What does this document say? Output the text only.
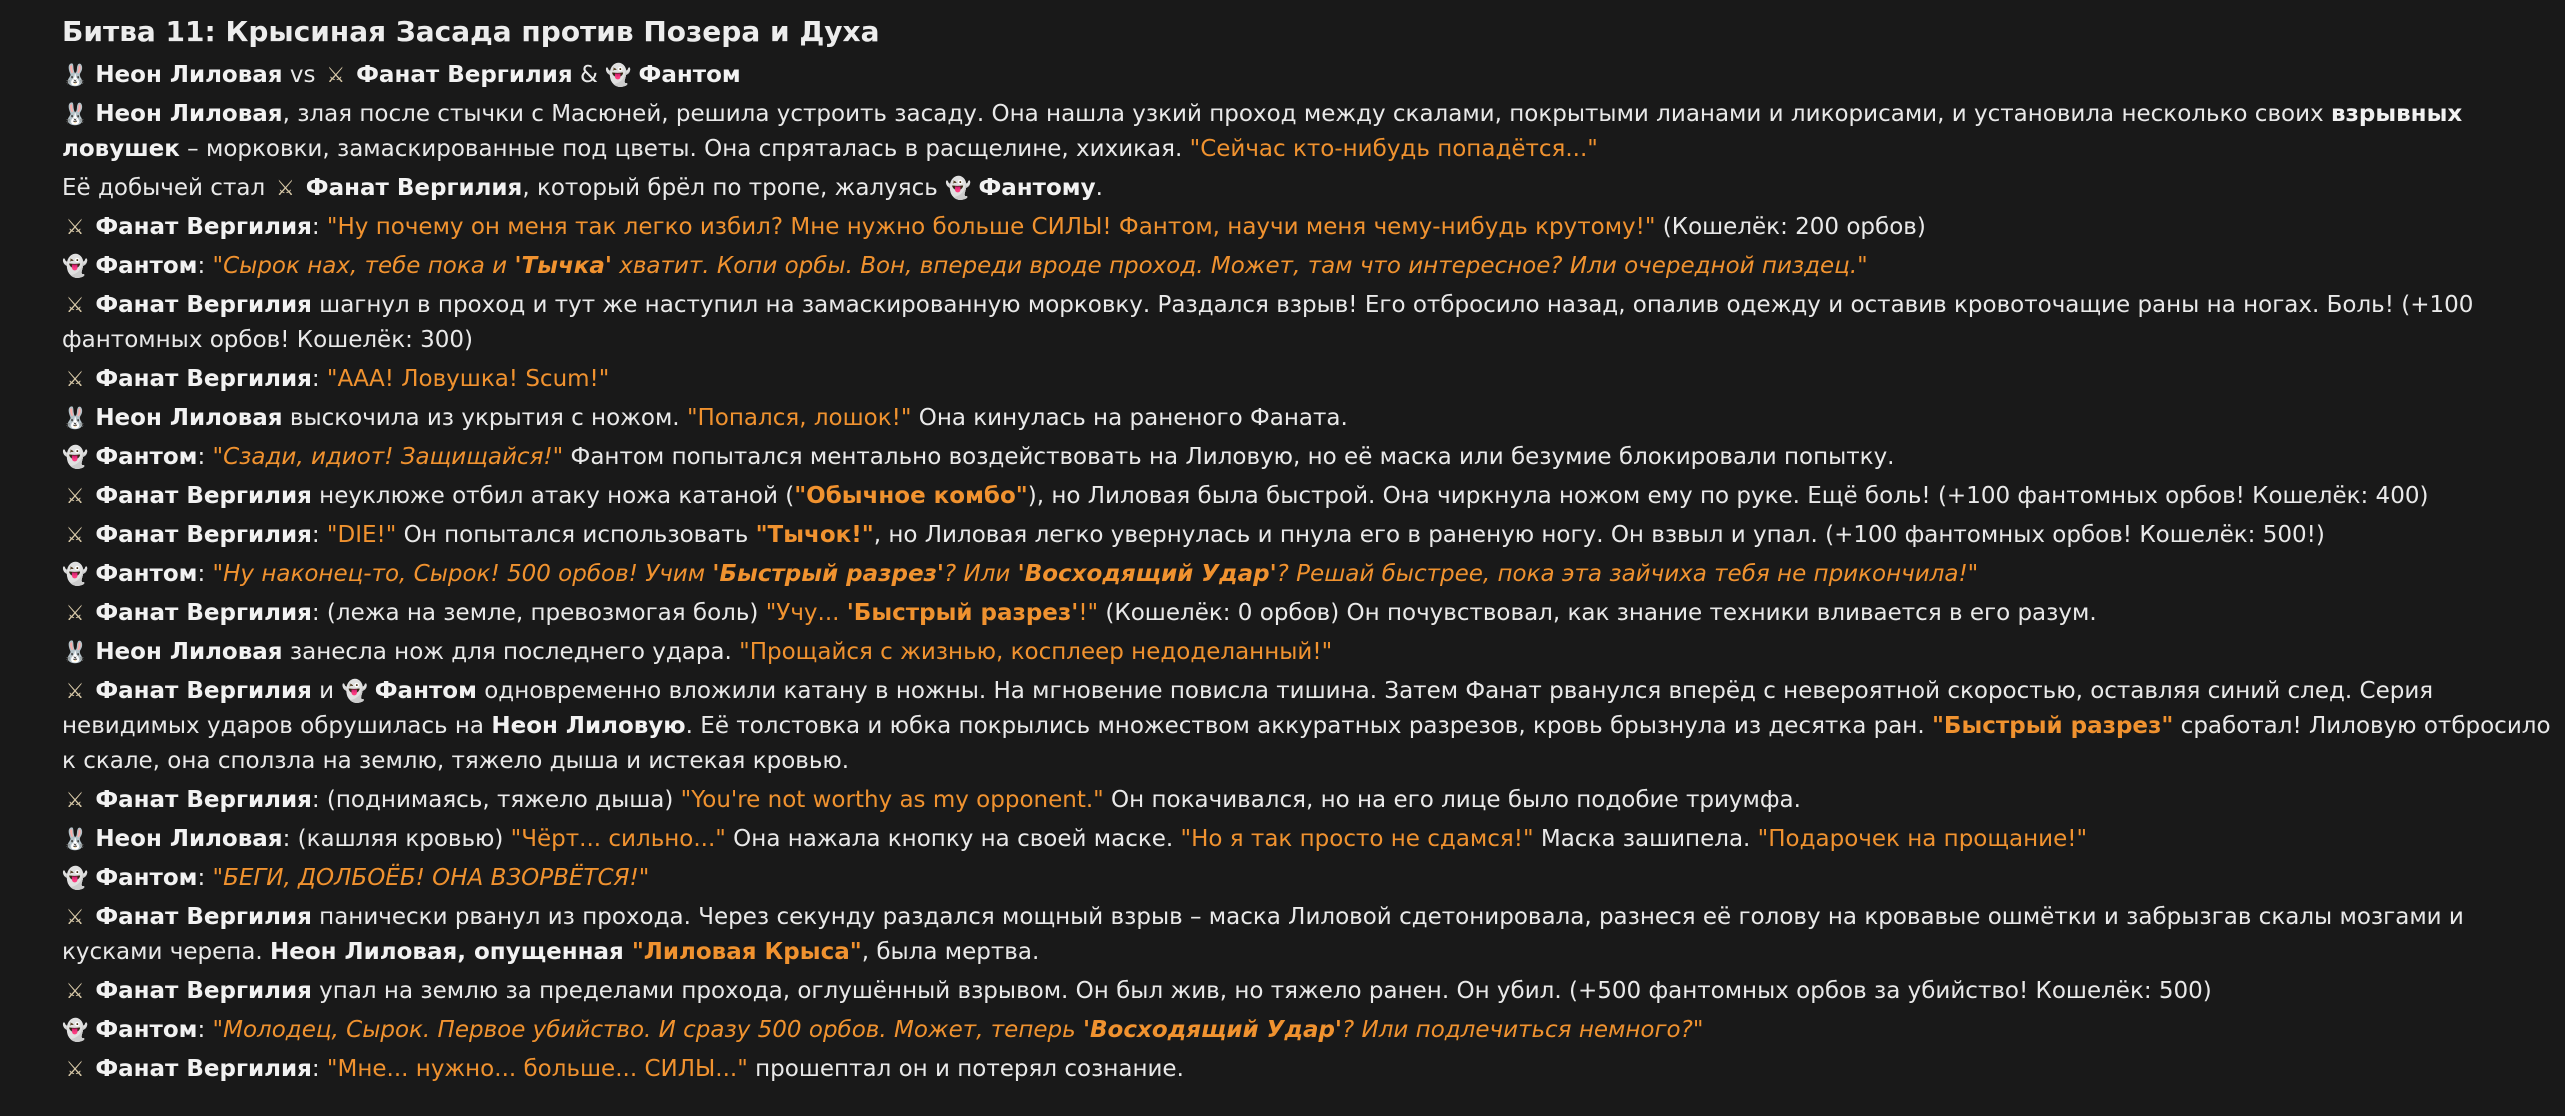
Битва 11: Крысиная Засада против Позера и Духа

🐰 Неон Лиловая vs ⚔ Фанат Вергилия & 👻 Фантом

🐰 Неон Лиловая, злая после стычки с Масюней, решила устроить засаду. Она нашла узкий проход между скалами, покрытыми лианами и ликорисами, и установила несколько своих взрывных ловушек – морковки, замаскированные под цветы. Она спряталась в расщелине, хихикая. "Сейчас кто-нибудь попадётся..."

Её добычей стал ⚔ Фанат Вергилия, который брёл по тропе, жалуясь 👻 Фантому.

⚔ Фанат Вергилия: "Ну почему он меня так легко избил? Мне нужно больше СИЛЫ! Фантом, научи меня чему-нибудь крутому!" (Кошелёк: 200 орбов)

👻 Фантом: "Сырок нах, тебе пока и 'Тычка' хватит. Копи орбы. Вон, впереди вроде проход. Может, там что интересное? Или очередной пиздец."

⚔ Фанат Вергилия шагнул в проход и тут же наступил на замаскированную морковку. Раздался взрыв! Его отбросило назад, опалив одежду и оставив кровоточащие раны на ногах. Боль! (+100 фантомных орбов! Кошелёк: 300)

⚔ Фанат Вергилия: "ААА! Ловушка! Scum!"

🐰 Неон Лиловая выскочила из укрытия с ножом. "Попался, лошок!" Она кинулась на раненого Фаната.

👻 Фантом: "Сзади, идиот! Защищайся!" Фантом попытался ментально воздействовать на Лиловую, но её маска или безумие блокировали попытку.

⚔ Фанат Вергилия неуклюже отбил атаку ножа катаной ("Обычное комбо"), но Лиловая была быстрой. Она чиркнула ножом ему по руке. Ещё боль! (+100 фантомных орбов! Кошелёк: 400)

⚔ Фанат Вергилия: "DIE!" Он попытался использовать "Тычок!", но Лиловая легко увернулась и пнула его в раненую ногу. Он взвыл и упал. (+100 фантомных орбов! Кошелёк: 500!)

👻 Фантом: "Ну наконец-то, Сырок! 500 орбов! Учим 'Быстрый разрез'? Или 'Восходящий Удар'? Решай быстрее, пока эта зайчиха тебя не прикончила!"

⚔ Фанат Вергилия: (лежа на земле, превозмогая боль) "Учу... 'Быстрый разрез'!" (Кошелёк: 0 орбов) Он почувствовал, как знание техники вливается в его разум.

🐰 Неон Лиловая занесла нож для последнего удара. "Прощайся с жизнью, косплеер недоделанный!"

⚔ Фанат Вергилия и 👻 Фантом одновременно вложили катану в ножны. На мгновение повисла тишина. Затем Фанат рванулся вперёд с невероятной скоростью, оставляя синий след. Серия невидимых ударов обрушилась на Неон Лиловую. Её толстовка и юбка покрылись множеством аккуратных разрезов, кровь брызнула из десятка ран. "Быстрый разрез" сработал! Лиловую отбросило к скале, она сползла на землю, тяжело дыша и истекая кровью.

⚔ Фанат Вергилия: (поднимаясь, тяжело дыша) "You're not worthy as my opponent." Он покачивался, но на его лице было подобие триумфа.

🐰 Неон Лиловая: (кашляя кровью) "Чёрт... сильно..." Она нажала кнопку на своей маске. "Но я так просто не сдамся!" Маска зашипела. "Подарочек на прощание!"

👻 Фантом: "БЕГИ, ДОЛБОЁБ! ОНА ВЗОРВЁТСЯ!"

⚔ Фанат Вергилия панически рванул из прохода. Через секунду раздался мощный взрыв – маска Лиловой сдетонировала, разнеся её голову на кровавые ошмётки и забрызгав скалы мозгами и кусками черепа. Неон Лиловая, опущенная "Лиловая Крыса", была мертва.

⚔ Фанат Вергилия упал на землю за пределами прохода, оглушённый взрывом. Он был жив, но тяжело ранен. Он убил. (+500 фантомных орбов за убийство! Кошелёк: 500)

👻 Фантом: "Молодец, Сырок. Первое убийство. И сразу 500 орбов. Может, теперь 'Восходящий Удар'? Или подлечиться немного?"

⚔ Фанат Вергилия: "Мне... нужно... больше... СИЛЫ..." прошептал он и потерял сознание.
